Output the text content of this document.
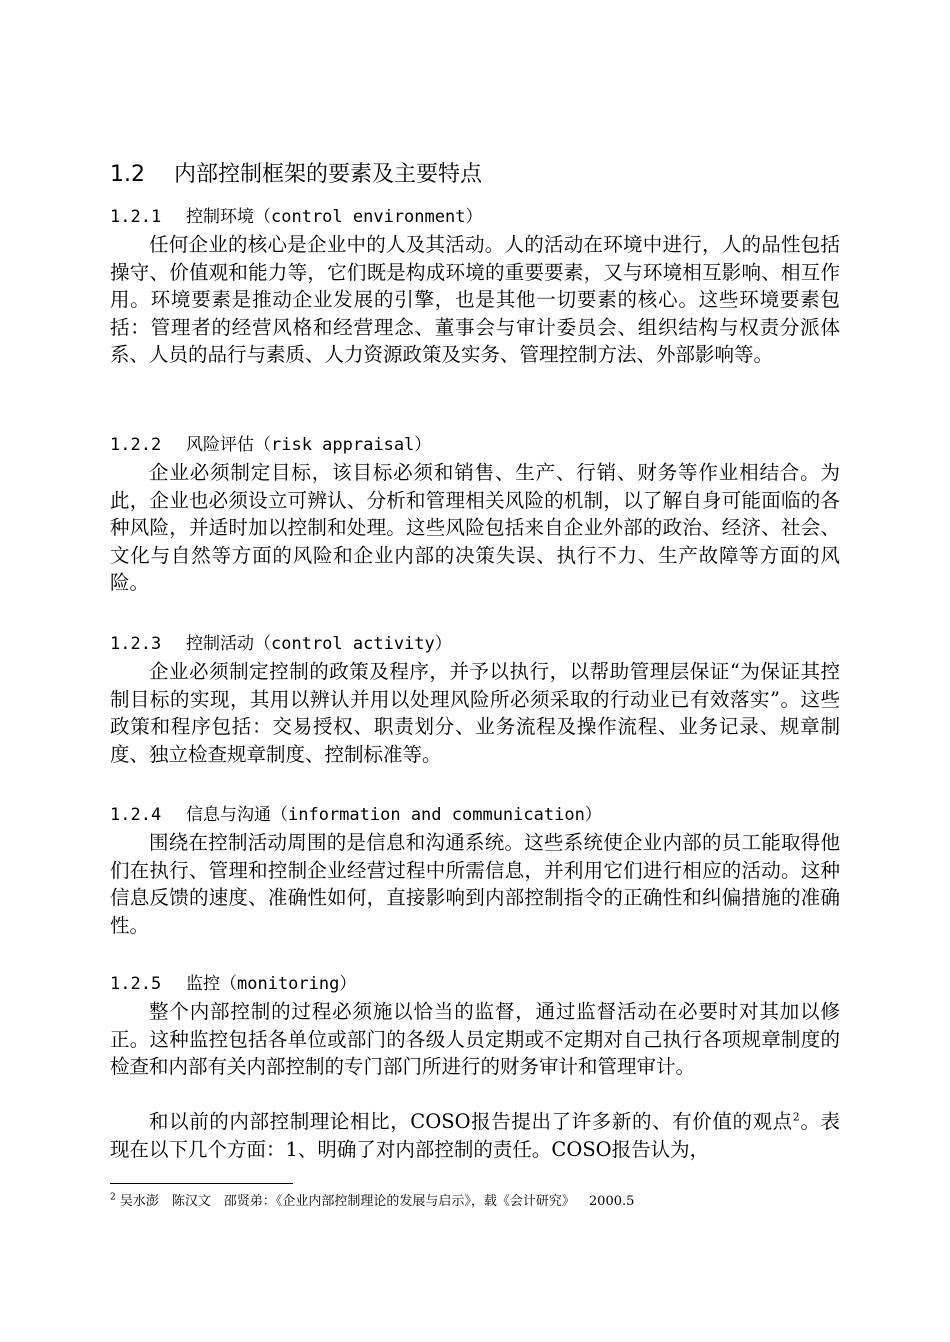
1.2 内部控制框架的要素及主要特点
1.2.1 控制环境（control environment）

任何企业的核心是企业中的人及其活动。人的活动在环境中进行，人的品性包括操守、价值观和能力等，它们既是构成环境的重要要素，又与环境相互影响、相互作用。环境要素是推动企业发展的引擎，也是其他一切要素的核心。这些环境要素包括：管理者的经营风格和经营理念、董事会与审计委员会、组织结构与权责分派体系、人员的品行与素质、人力资源政策及实务、管理控制方法、外部影响等。

1.2.2 风险评估（risk appraisal）

企业必须制定目标，该目标必须和销售、生产、行销、财务等作业相结合。为此，企业也必须设立可辨认、分析和管理相关风险的机制，以了解自身可能面临的各种风险，并适时加以控制和处理。这些风险包括来自企业外部的政治、经济、社会、文化与自然等方面的风险和企业内部的决策失误、执行不力、生产故障等方面的风险。

1.2.3 控制活动（control activity）

企业必须制定控制的政策及程序，并予以执行，以帮助管理层保证“为保证其控制目标的实现，其用以辨认并用以处理风险所必须采取的行动业已有效落实”。这些政策和程序包括：交易授权、职责划分、业务流程及操作流程、业务记录、规章制度、独立检查规章制度、控制标准等。

1.2.4 信息与沟通（information and communication）

围绕在控制活动周围的是信息和沟通系统。这些系统使企业内部的员工能取得他们在执行、管理和控制企业经营过程中所需信息，并利用它们进行相应的活动。这种信息反馈的速度、准确性如何，直接影响到内部控制指令的正确性和纠偏措施的准确性。

1.2.5 监控（monitoring）

整个内部控制的过程必须施以恰当的监督，通过监督活动在必要时对其加以修正。这种监控包括各单位或部门的各级人员定期或不定期对自己执行各项规章制度的检查和内部有关内部控制的专门部门所进行的财务审计和管理审计。

和以前的内部控制理论相比，COSO报告提出了许多新的、有价值的观点$^2$。表现在以下几个方面：1、明确了对内部控制的责任。COSO报告认为，

$^2$ 吴水澎　陈汉文　邵贤弟：《企业内部控制理论的发展与启示》，载《会计研究》 2000.5
